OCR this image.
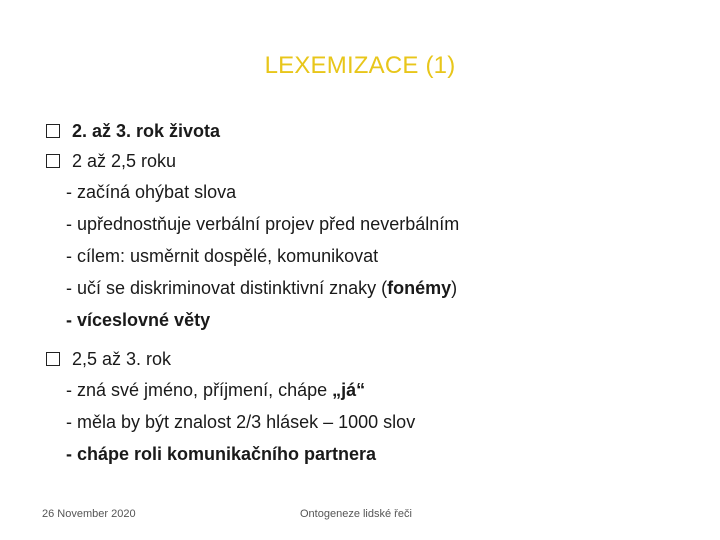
LEXEMIZACE (1)
2. až 3. rok života
2 až 2,5 roku
- začíná ohýbat slova
- upřednostňuje verbální projev před neverbálním
- cílem: usměrnit dospělé, komunikovat
- učí se diskriminovat distinktivní znaky (fonémy)
- víceslovné věty
2,5 až 3. rok
- zná své jméno, příjmení, chápe „já“
- měla by být znalost 2/3 hlásek – 1000 slov
- chápe roli komunikačního partnera
26 November 2020	Ontogeneze lidské řeči
